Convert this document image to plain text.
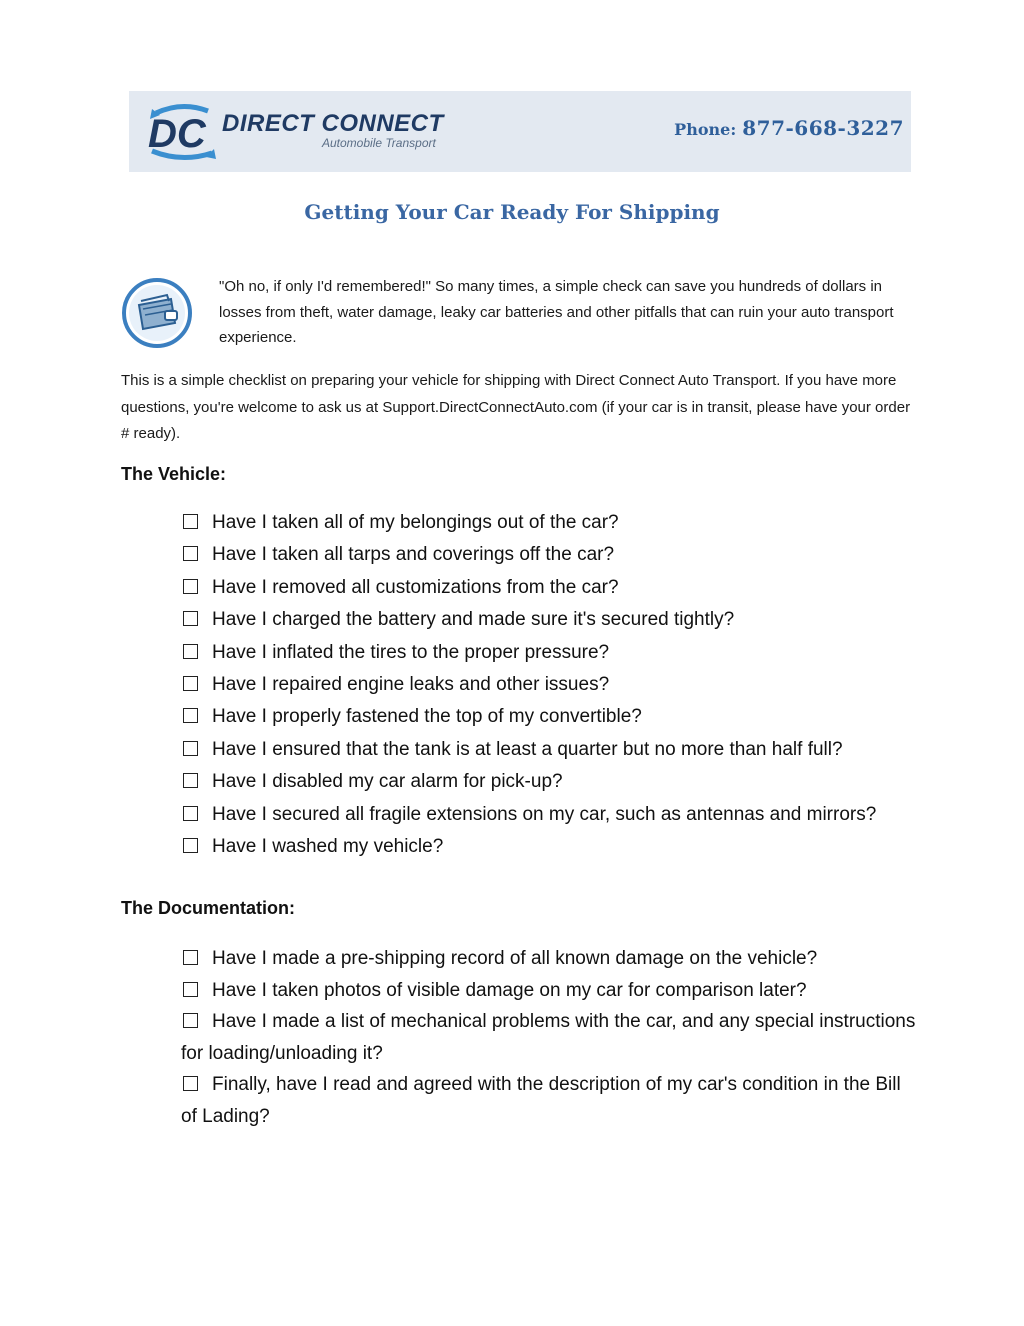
DC DIRECT CONNECT
Automobile Transport
Phone: 877-668-3227
Getting Your Car Ready For Shipping
"Oh no, if only I'd remembered!" So many times, a simple check can save you hundreds of dollars in losses from theft, water damage, leaky car batteries and other pitfalls that can ruin your auto transport experience.
This is a simple checklist on preparing your vehicle for shipping with Direct Connect Auto Transport. If you have more questions, you're welcome to ask us at Support.DirectConnectAuto.com (if your car is in transit, please have your order # ready).
The Vehicle:
Have I taken all of my belongings out of the car?
Have I taken all tarps and coverings off the car?
Have I removed all customizations from the car?
Have I charged the battery and made sure it's secured tightly?
Have I inflated the tires to the proper pressure?
Have I repaired engine leaks and other issues?
Have I properly fastened the top of my convertible?
Have I ensured that the tank is at least a quarter but no more than half full?
Have I disabled my car alarm for pick-up?
Have I secured all fragile extensions on my car, such as antennas and mirrors?
Have I washed my vehicle?
The Documentation:
Have I made a pre-shipping record of all known damage on the vehicle?
Have I taken photos of visible damage on my car for comparison later?
Have I made a list of mechanical problems with the car, and any special instructions for loading/unloading it?
Finally, have I read and agreed with the description of my car's condition in the Bill of Lading?
